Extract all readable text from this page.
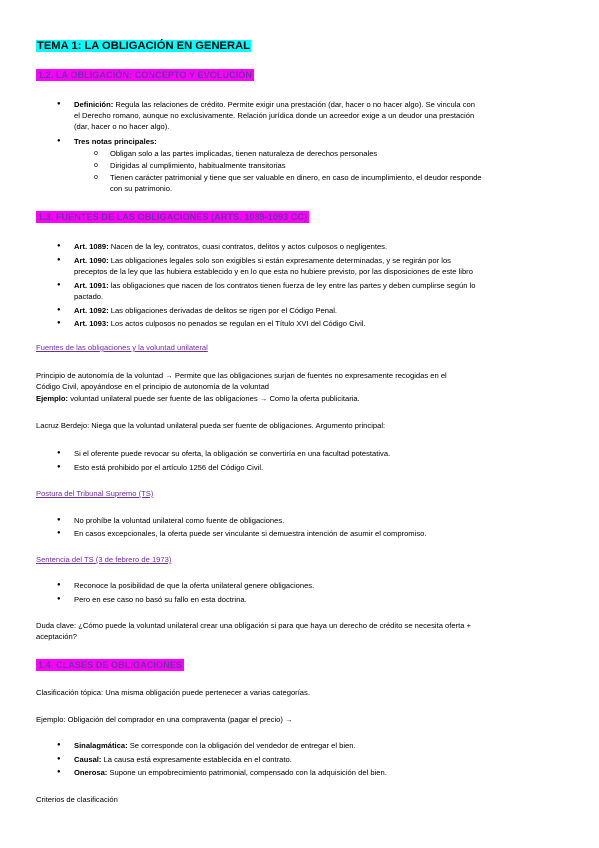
TEMA 1: LA OBLIGACIÓN EN GENERAL
1.2. LA OBLIGACIÓN: CONCEPTO Y EVOLUCIÓN
● Definición: Regula las relaciones de crédito. Permite exigir una prestación (dar, hacer o no hacer algo). Se vincula con
el Derecho romano, aunque no exclusivamente. Relación jurídica donde un acreedor exige a un deudor una prestación
(dar, hacer o no hacer algo).
● Tres notas principales:
o Obligan solo a las partes implicadas, tienen naturaleza de derechos personales
o Dirigidas al cumplimiento, habitualmente transitorias
o Tienen carácter patrimonial y tiene que ser valuable en dinero, en caso de incumplimiento, el deudor responde
con su patrimonio.
1.3. FUENTES DE LAS OBLIGACIONES (ARTS. 1089-1093 CC)
● Art. 1089: Nacen de la ley, contratos, cuasi contratos, delitos y actos culposos o negligentes.
● Art. 1090: Las obligaciones legales solo son exigibles si están expresamente determinadas, y se regirán por los
preceptos de la ley que las hubiera establecido y en lo que esta no hubiere previsto, por las disposiciones de este libro
● Art. 1091: las obligaciones que nacen de los contratos tienen fuerza de ley entre las partes y deben cumplirse según lo
pactado.
● Art. 1092: Las obligaciones derivadas de delitos se rigen por el Código Penal.
● Art. 1093: Los actos culposos no penados se regulan en el Título XVI del Código Civil.
Fuentes de las obligaciones y la voluntad unilateral
Principio de autonomía de la voluntad → Permite que las obligaciones surjan de fuentes no expresamente recogidas en el
Código Civil, apoyándose en el principio de autonomía de la voluntad
Ejemplo: voluntad unilateral puede ser fuente de las obligaciones → Como la oferta publicitaria.
Lacruz Berdejo: Niega que la voluntad unilateral pueda ser fuente de obligaciones. Argumento principal:
● Si el oferente puede revocar su oferta, la obligación se convertiría en una facultad potestativa.
● Esto está prohibido por el artículo 1256 del Código Civil.
Postura del Tribunal Supremo (TS)
● No prohíbe la voluntad unilateral como fuente de obligaciones.
● En casos excepcionales, la oferta puede ser vinculante si demuestra intención de asumir el compromiso.
Sentencia del TS (3 de febrero de 1973)
● Reconoce la posibilidad de que la oferta unilateral genere obligaciones.
● Pero en ese caso no basó su fallo en esta doctrina.
Duda clave: ¿Cómo puede la voluntad unilateral crear una obligación si para que haya un derecho de crédito se necesita oferta +
aceptación?
1.4. CLASES DE OBLIGACIONES
Clasificación tópica: Una misma obligación puede pertenecer a varias categorías.
Ejemplo: Obligación del comprador en una compraventa (pagar el precio) →
● Sinalagmática: Se corresponde con la obligación del vendedor de entregar el bien.
● Causal: La causa está expresamente establecida en el contrato.
● Onerosa: Supone un empobrecimiento patrimonial, compensado con la adquisición del bien.
Criterios de clasificación
